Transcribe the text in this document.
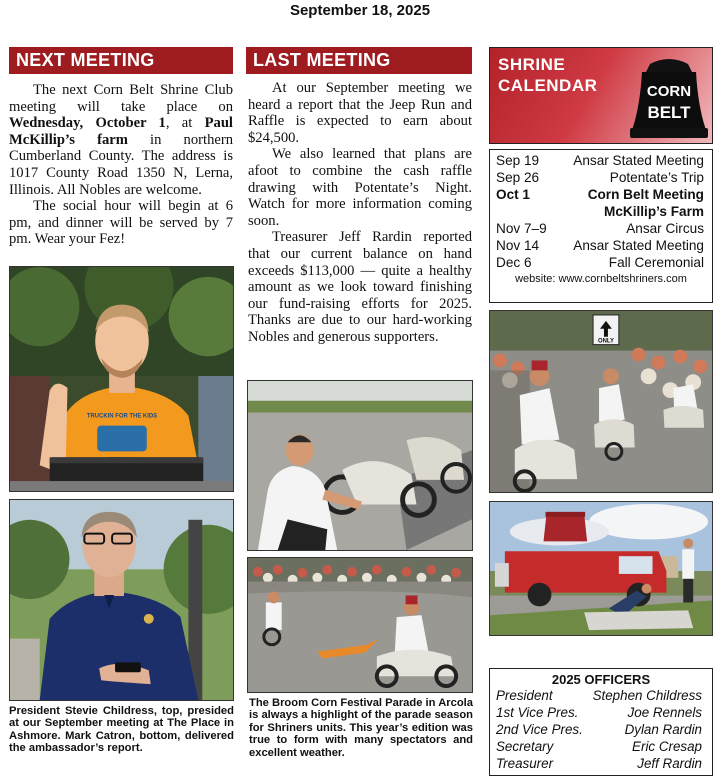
September 18, 2025
NEXT MEETING

The next Corn Belt Shrine Club meeting will take place on Wednesday, October 1, at Paul McKillip’s farm in northern Cumberland County. The address is 1017 County Road 1350 N, Lerna, Illinois. All Nobles are welcome.

The social hour will begin at 6 pm, and dinner will be served by 7 pm. Wear your Fez!

TRUCKIN FOR THE KIDS
President Stevie Childress, top, presided at our September meeting at The Place in Ashmore. Mark Catron, bottom, delivered the ambassador’s report.
LAST MEETING

At our September meeting we heard a report that the Jeep Run and Raffle is expected to earn about $24,500.

We also learned that plans are afoot to combine the cash raffle drawing with Potentate’s Night. Watch for more information coming soon.

Treasurer Jeff Rardin reported that our current balance on hand exceeds $113,000 — quite a healthy amount as we look toward finishing our fund-raising efforts for 2025. Thanks are due to our hard-working Nobles and generous supporters.

The Broom Corn Festival Parade in Arcola is always a highlight of the parade season for Shriners units. This year’s edition was true to form with many spectators and excellent weather.
SHRINE
CALENDAR	CORN
BELT
Sep 19	Ansar Stated Meeting
Sep 26	Potentate’s Trip
Oct 1	Corn Belt Meeting
McKillip’s Farm
Nov 7–9	Ansar Circus
Nov 14	Ansar Stated Meeting
Dec 6	Fall Ceremonial
website: www.cornbeltshriners.com
ONLY
2025 OFFICERS
President	Stephen Childress
1st Vice Pres.	Joe Rennels
2nd Vice Pres.	Dylan Rardin
Secretary	Eric Cresap
Treasurer	Jeff Rardin
